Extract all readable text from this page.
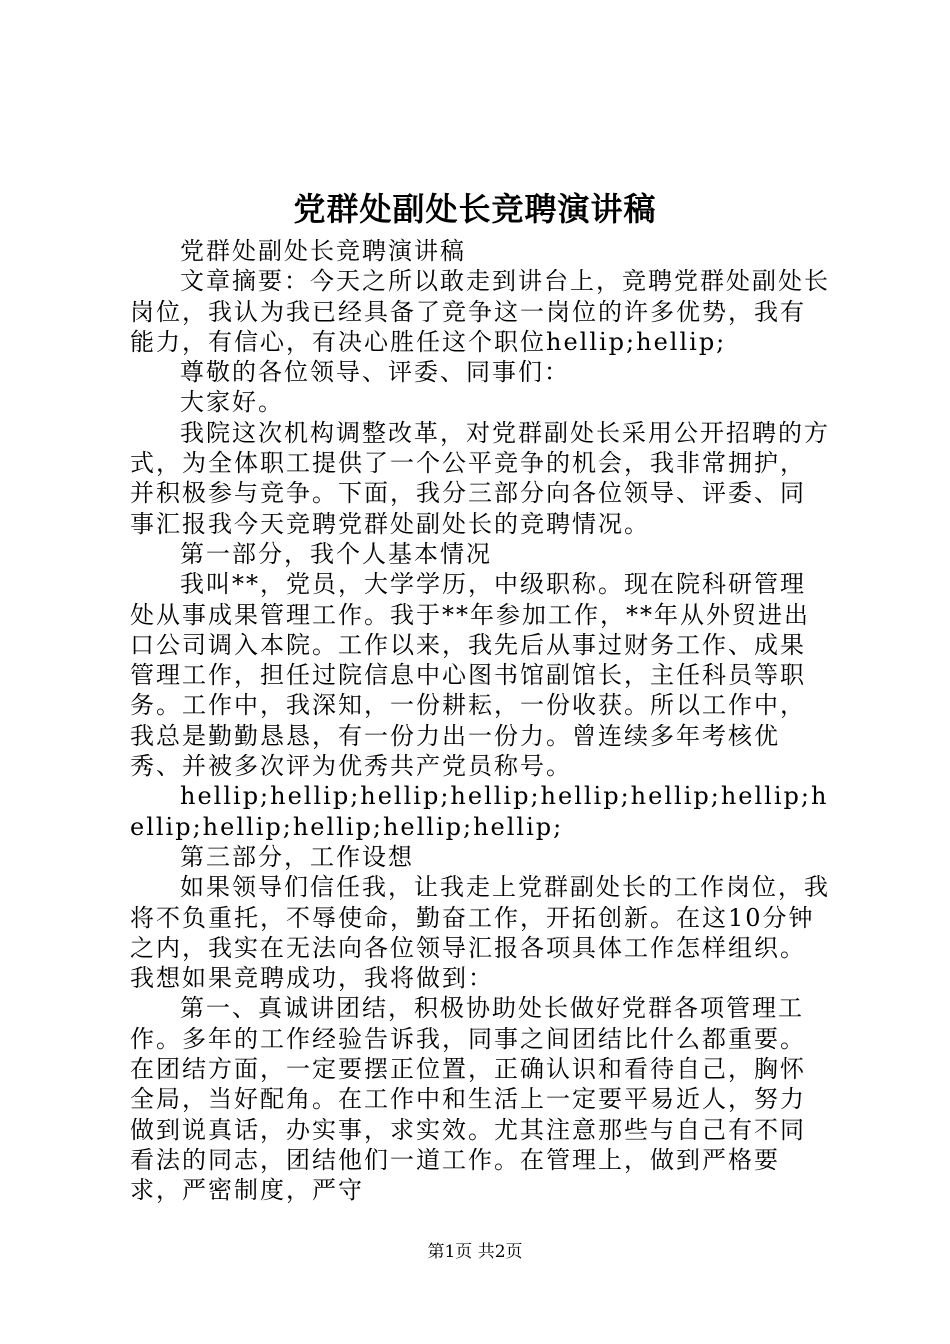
党群处副处长竞聘演讲稿

党群处副处长竞聘演讲稿

文章摘要：今天之所以敢走到讲台上，竞聘党群处副处长岗位，我认为我已经具备了竞争这一岗位的许多优势，我有能力，有信心，有决心胜任这个职位hellip;hellip;

尊敬的各位领导、评委、同事们：

大家好。

我院这次机构调整改革，对党群副处长采用公开招聘的方式，为全体职工提供了一个公平竞争的机会，我非常拥护，并积极参与竞争。下面，我分三部分向各位领导、评委、同事汇报我今天竞聘党群处副处长的竞聘情况。

第一部分，我个人基本情况

我叫**，党员，大学学历，中级职称。现在院科研管理处从事成果管理工作。我于**年参加工作，**年从外贸进出口公司调入本院。工作以来，我先后从事过财务工作、成果管理工作，担任过院信息中心图书馆副馆长，主任科员等职务。工作中，我深知，一份耕耘，一份收获。所以工作中，我总是勤勤恳恳，有一份力出一份力。曾连续多年考核优秀、并被多次评为优秀共产党员称号。

hellip;hellip;hellip;hellip;hellip;hellip;hellip;hellip;hellip;hellip;hellip;hellip;

第三部分，工作设想

如果领导们信任我，让我走上党群副处长的工作岗位，我将不负重托，不辱使命，勤奋工作，开拓创新。在这10分钟之内，我实在无法向各位领导汇报各项具体工作怎样组织。我想如果竞聘成功，我将做到：

第一、真诚讲团结，积极协助处长做好党群各项管理工作。多年的工作经验告诉我，同事之间团结比什么都重要。在团结方面，一定要摆正位置，正确认识和看待自己，胸怀全局，当好配角。在工作中和生活上一定要平易近人，努力做到说真话，办实事，求实效。尤其注意那些与自己有不同看法的同志，团结他们一道工作。在管理上，做到严格要求，严密制度，严守

第1页 共2页
